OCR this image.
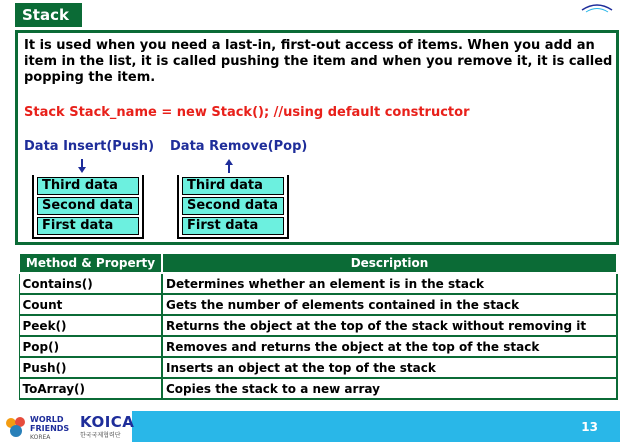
Stack
It is used when you need a last-in, first-out access of items. When you add an item in the list, it is called pushing the item and when you remove it, it is called popping the item.
Stack Stack_name = new Stack(); //using default constructor
Data Insert(Push) Data Remove(Pop)
Third data
Second data
First data
Third data
Second data
First data
Method & Property	Description
Contains()	Determines whether an element is in the stack
Count	Gets the number of elements contained in the stack
Peek()	Returns the object at the top of the stack without removing it
Pop()	Removes and returns the object at the top of the stack
Push()	Inserts an object at the top of the stack
ToArray()	Copies the stack to a new array
WORLD
FRIENDS
KOREA
KOICA
한국국제협력단
13
